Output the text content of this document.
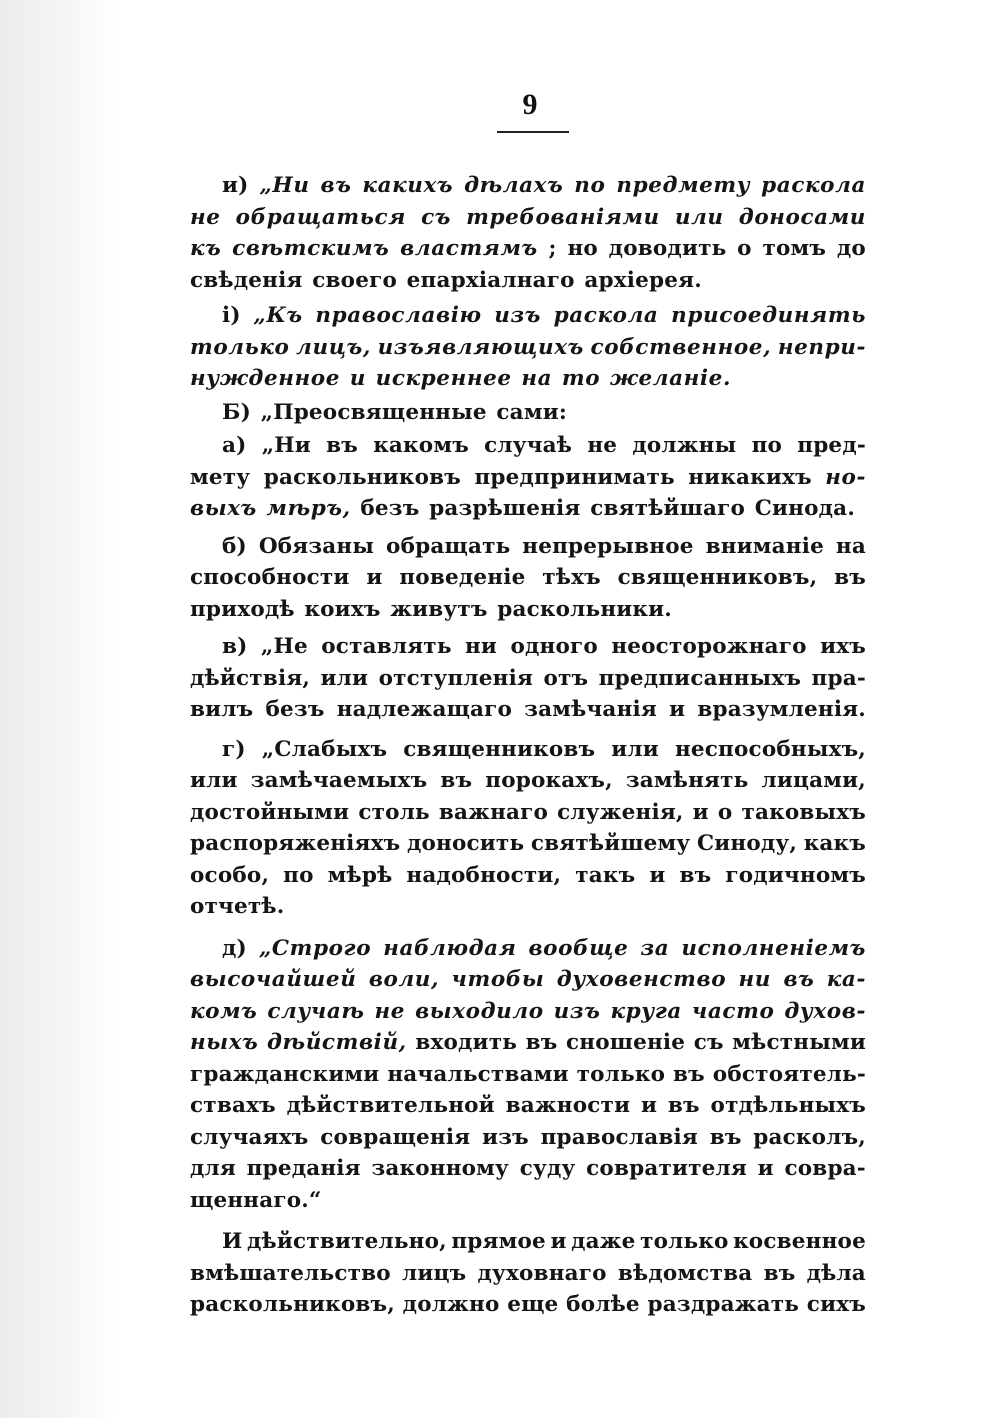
9
и) „Ни въ какихъ дѣлахъ по предмету раскола
не обращаться съ требованіями или доносами
къ свѣтскимъ властямъ ; но доводить о томъ до
свѣденія своего епархіалнаго архіерея.
і) „Къ православію изъ раскола присоединять
только лицъ, изъявляющихъ собственное, непри-
нужденное и искреннее на то желаніе.
Б) „Преосвященные сами:
а) „Ни въ какомъ случаѣ не должны по пред-
мету раскольниковъ предпринимать никакихъ но-
выхъ мѣръ, безъ разрѣшенія святѣйшаго Синода.
б) Обязаны обращать непрерывное вниманіе на
способности и поведеніе тѣхъ священниковъ, въ
приходѣ коихъ живутъ раскольники.
в) „Не оставлять ни одного неосторожнаго ихъ
дѣйствія, или отступленія отъ предписанныхъ пра-
вилъ безъ надлежащаго замѣчанія и вразумленія.
г) „Слабыхъ священниковъ или неспособныхъ,
или замѣчаемыхъ въ порокахъ, замѣнять лицами,
достойными столь важнаго служенія, и о таковыхъ
распоряженіяхъ доносить святѣйшему Синоду, какъ
особо, по мѣрѣ надобности, такъ и въ годичномъ
отчетѣ.
д) „Строго наблюдая вообще за исполненіемъ
высочайшей воли, чтобы духовенство ни въ ка-
комъ случаѣ не выходило изъ круга часто духов-
ныхъ дѣйствій, входить въ сношеніе съ мѣстными
гражданскими начальствами только въ обстоятель-
ствахъ дѣйствительной важности и въ отдѣльныхъ
случаяхъ совращенія изъ православія въ расколъ,
для преданія законному суду совратителя и совра-
щеннаго.“
И дѣйствительно, прямое и даже только косвенное
вмѣшательство лицъ духовнаго вѣдомства въ дѣла
раскольниковъ, должно еще болѣе раздражать сихъ
